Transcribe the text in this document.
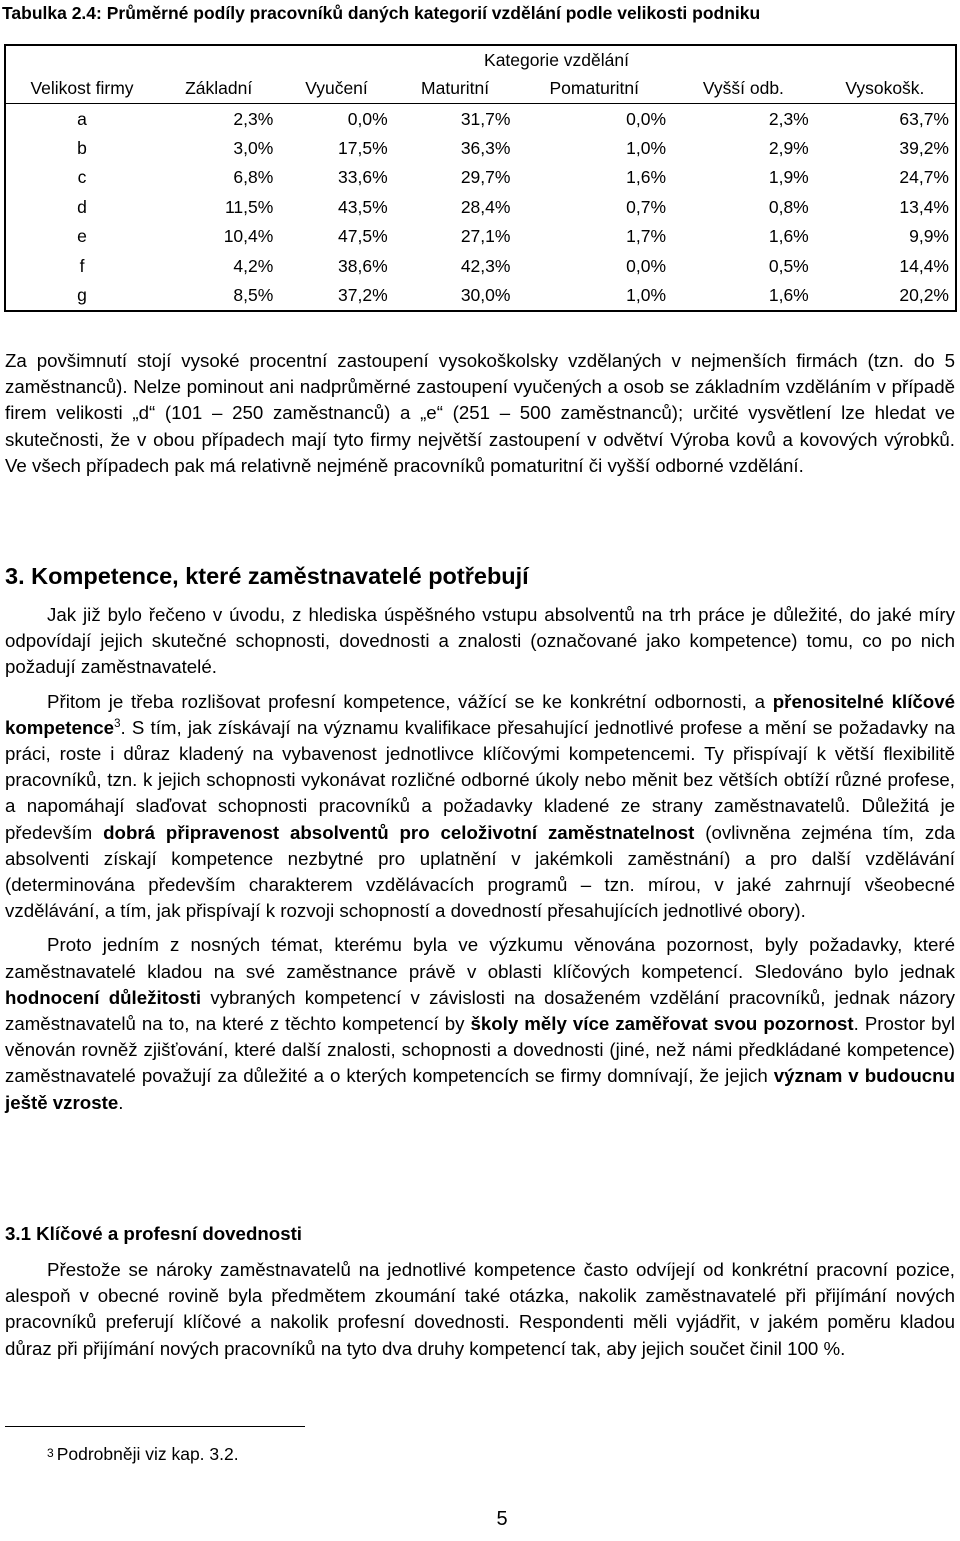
Tabulka 2.4: Průměrné podíly pracovníků daných kategorií vzdělání podle velikosti podniku
	Kategorie vzdělání					
Velikost firmy	Základní	Vyučení	Maturitní	Pomaturitní	Vyšší odb.	Vysokošk.
a	2,3%	0,0%	31,7%	0,0%	2,3%	63,7%
b	3,0%	17,5%	36,3%	1,0%	2,9%	39,2%
c	6,8%	33,6%	29,7%	1,6%	1,9%	24,7%
d	11,5%	43,5%	28,4%	0,7%	0,8%	13,4%
e	10,4%	47,5%	27,1%	1,7%	1,6%	9,9%
f	4,2%	38,6%	42,3%	0,0%	0,5%	14,4%
g	8,5%	37,2%	30,0%	1,0%	1,6%	20,2%

Za povšimnutí stojí vysoké procentní zastoupení vysokoškolsky vzdělaných v nejmenších firmách (tzn. do 5 zaměstnanců). Nelze pominout ani nadprůměrné zastoupení vyučených a osob se základním vzděláním v případě firem velikosti „d“ (101 – 250 zaměstnanců) a „e“ (251 – 500 zaměstnanců); určité vysvětlení lze hledat ve skutečnosti, že v obou případech mají tyto firmy největší zastoupení v odvětví Výroba kovů a kovových výrobků. Ve všech případech pak má relativně nejméně pracovníků pomaturitní či vyšší odborné vzdělání.

3. Kompetence, které zaměstnavatelé potřebují

Jak již bylo řečeno v úvodu, z hlediska úspěšného vstupu absolventů na trh práce je důležité, do jaké míry odpovídají jejich skutečné schopnosti, dovednosti a znalosti (označované jako kompetence) tomu, co po nich požadují zaměstnavatelé.

Přitom je třeba rozlišovat profesní kompetence, vážící se ke konkrétní odbornosti, a přenositelné klíčové kompetence$^3$. S tím, jak získávají na významu kvalifikace přesahující jednotlivé profese a mění se požadavky na práci, roste i důraz kladený na vybavenost jednotlivce klíčovými kompetencemi. Ty přispívají k větší flexibilitě pracovníků, tzn. k jejich schopnosti vykonávat rozličné odborné úkoly nebo měnit bez větších obtíží různé profese, a napomáhají slaďovat schopnosti pracovníků a požadavky kladené ze strany zaměstnavatelů. Důležitá je především dobrá připravenost absolventů pro celoživotní zaměstnatelnost (ovlivněna zejména tím, zda absolventi získají kompetence nezbytné pro uplatnění v jakémkoli zaměstnání) a pro další vzdělávání (determinována především charakterem vzdělávacích programů – tzn. mírou, v jaké zahrnují všeobecné vzdělávání, a tím, jak přispívají k rozvoji schopností a dovedností přesahujících jednotlivé obory).

Proto jedním z nosných témat, kterému byla ve výzkumu věnována pozornost, byly požadavky, které zaměstnavatelé kladou na své zaměstnance právě v oblasti klíčových kompetencí. Sledováno bylo jednak hodnocení důležitosti vybraných kompetencí v závislosti na dosaženém vzdělání pracovníků, jednak názory zaměstnavatelů na to, na které z těchto kompetencí by školy měly více zaměřovat svou pozornost. Prostor byl věnován rovněž zjišťování, které další znalosti, schopnosti a dovednosti (jiné, než námi předkládané kompetence) zaměstnavatelé považují za důležité a o kterých kompetencích se firmy domnívají, že jejich význam v budoucnu ještě vzroste.

3.1 Klíčové a profesní dovednosti

Přestože se nároky zaměstnavatelů na jednotlivé kompetence často odvíjejí od konkrétní pracovní pozice, alespoň v obecné rovině byla předmětem zkoumání také otázka, nakolik zaměstnavatelé při přijímání nových pracovníků preferují klíčové a nakolik profesní dovednosti. Respondenti měli vyjádřit, v jakém poměru kladou důraz při přijímání nových pracovníků na tyto dva druhy kompetencí tak, aby jejich součet činil 100 %.

$^3$ Podrobněji viz kap. 3.2.
5
